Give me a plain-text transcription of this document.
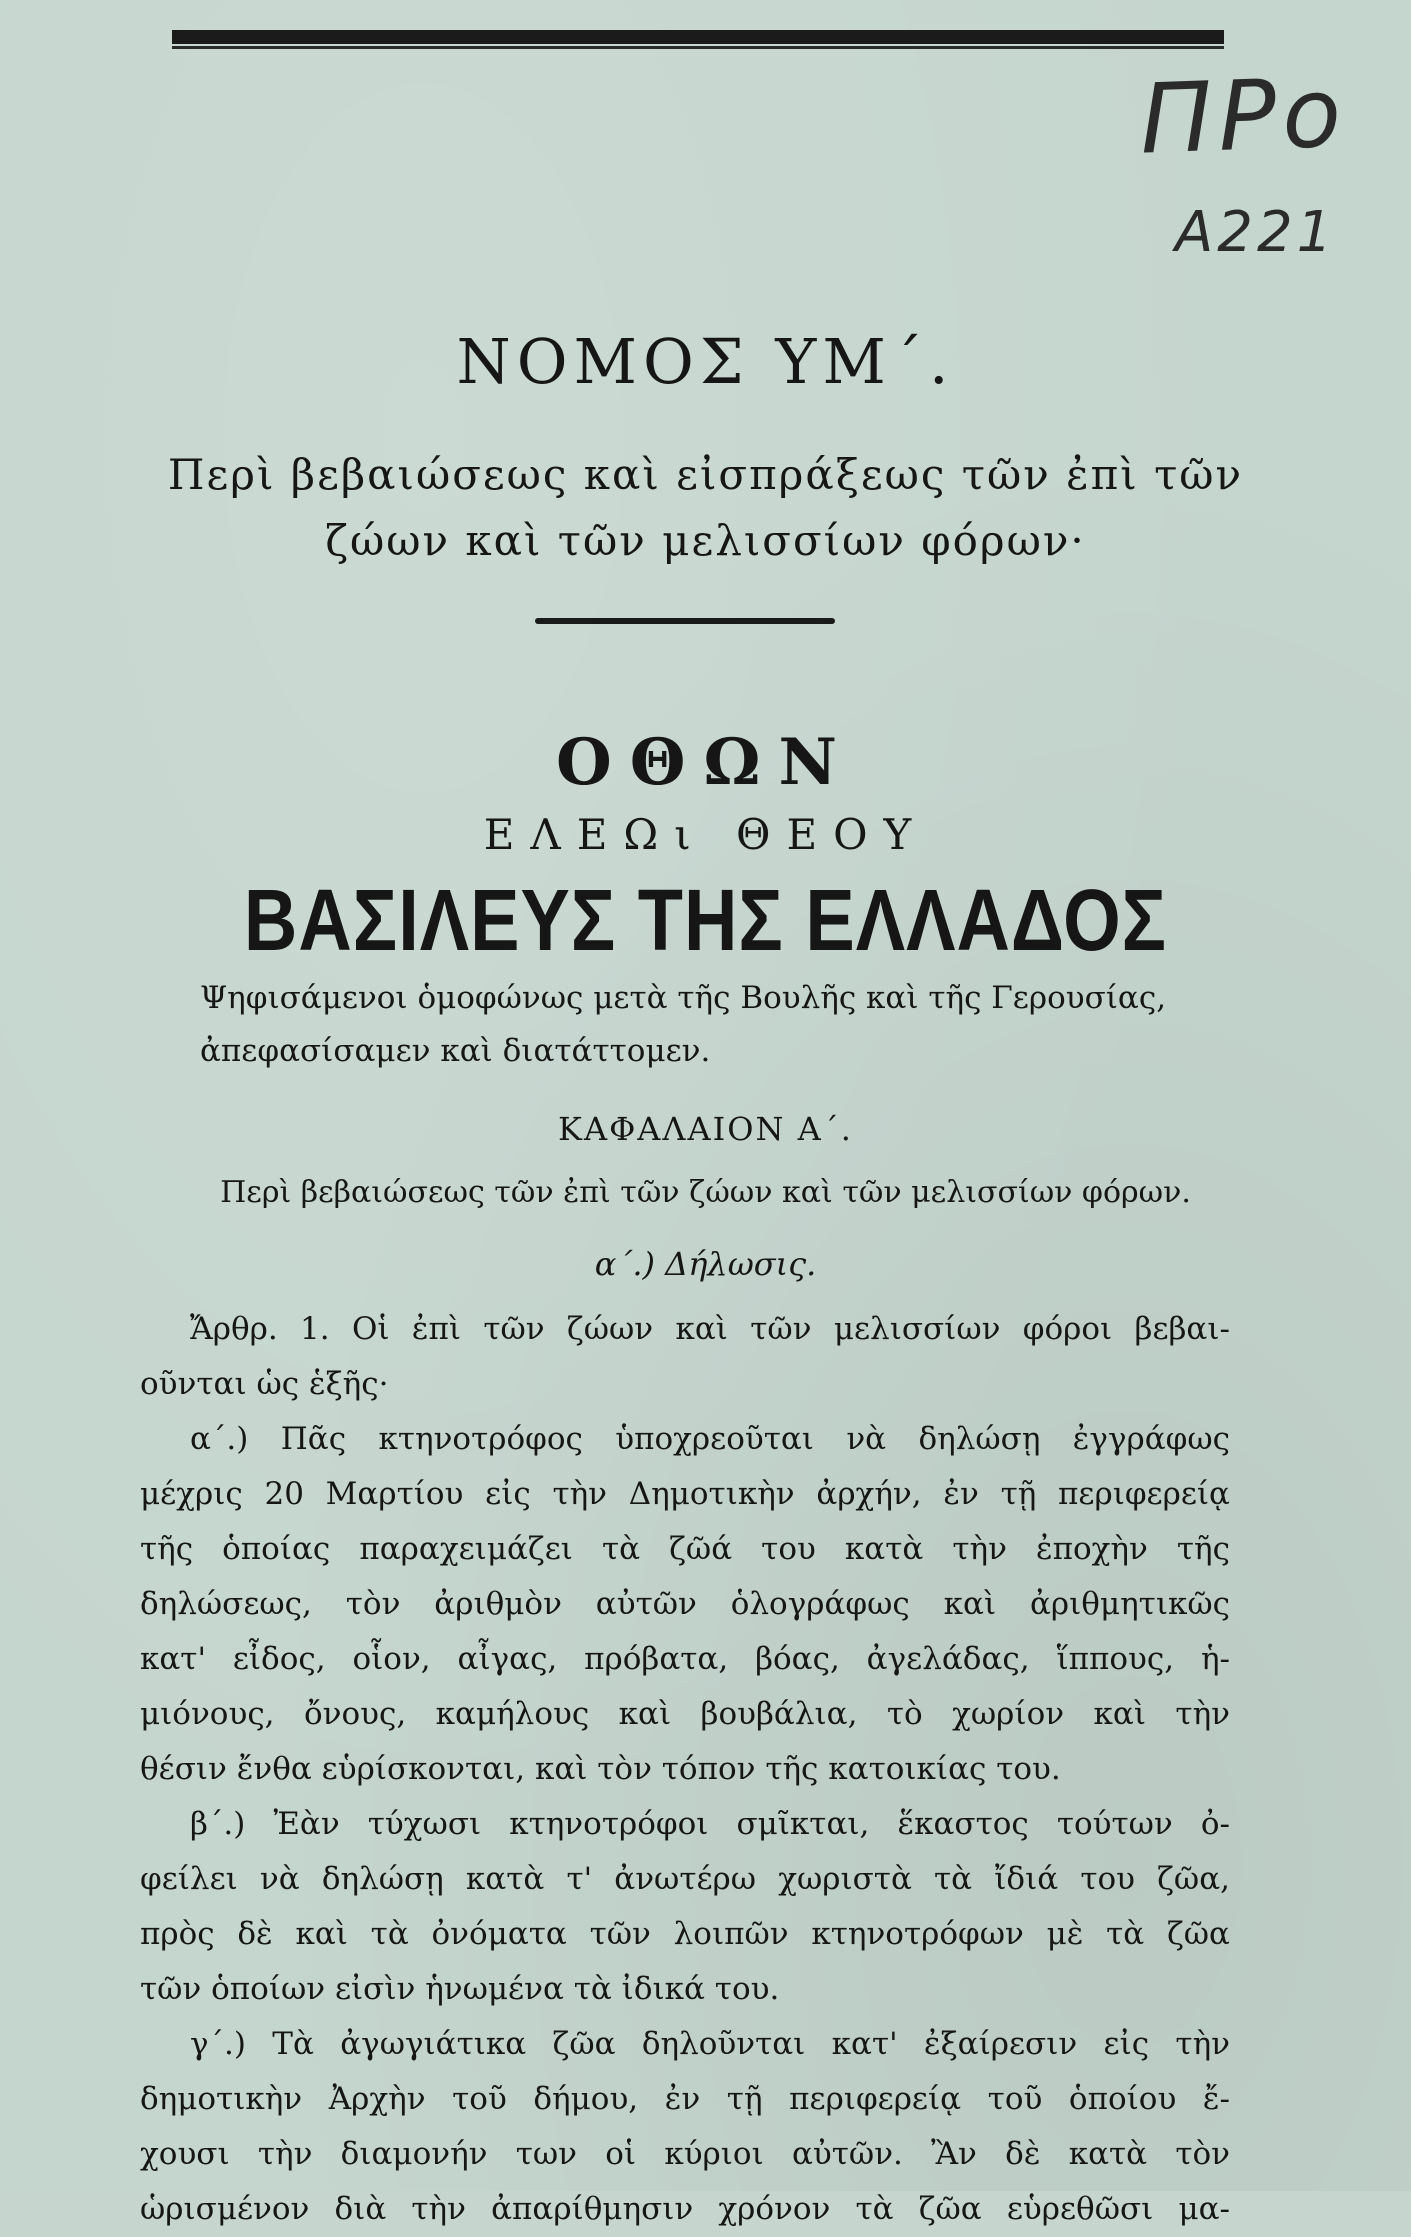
ΠΡο
A221
ΝΟΜΟΣ ΥΜ΄.
Περὶ βεβαιώσεως καὶ εἰσπράξεως τῶν ἐπὶ τῶν
ζώων καὶ τῶν μελισσίων φόρων·
ΟΘΩΝ
ΕΛΕΩι ΘΕΟΥ
ΒΑΣΙΛΕΥΣ ΤΗΣ ΕΛΛΑΔΟΣ
Ψηφισάμενοι ὁμοφώνως μετὰ τῆς Βουλῆς καὶ τῆς Γερουσίας,
ἀπεφασίσαμεν καὶ διατάττομεν.
ΚΑΦΑΛΑΙΟΝ Α΄.
Περὶ βεβαιώσεως τῶν ἐπὶ τῶν ζώων καὶ τῶν μελισσίων φόρων.
α΄.) Δήλωσις.
Ἄρθρ. 1. Οἱ ἐπὶ τῶν ζώων καὶ τῶν μελισσίων φόροι βεβαι-
οῦνται ὡς ἑξῆς·
α΄.) Πᾶς κτηνοτρόφος ὑποχρεοῦται νὰ δηλώσῃ ἐγγράφως
μέχρις 20 Μαρτίου εἰς τὴν Δημοτικὴν ἀρχήν, ἐν τῇ περιφερείᾳ
τῆς ὁποίας παραχειμάζει τὰ ζῶά του κατὰ τὴν ἐποχὴν τῆς
δηλώσεως, τὸν ἀριθμὸν αὐτῶν ὁλογράφως καὶ ἀριθμητικῶς
κατ' εἶδος, οἷον, αἶγας, πρόβατα, βόας, ἀγελάδας, ἵππους, ἡ-
μιόνους, ὄνους, καμήλους καὶ βουβάλια, τὸ χωρίον καὶ τὴν
θέσιν ἔνθα εὑρίσκονται, καὶ τὸν τόπον τῆς κατοικίας του.
β΄.) Ἐὰν τύχωσι κτηνοτρόφοι σμῖκται, ἕκαστος τούτων ὀ-
φείλει νὰ δηλώσῃ κατὰ τ' ἀνωτέρω χωριστὰ τὰ ἴδιά του ζῶα,
πρὸς δὲ καὶ τὰ ὀνόματα τῶν λοιπῶν κτηνοτρόφων μὲ τὰ ζῶα
τῶν ὁποίων εἰσὶν ἡνωμένα τὰ ἰδικά του.
γ΄.) Τὰ ἀγωγιάτικα ζῶα δηλοῦνται κατ' ἐξαίρεσιν εἰς τὴν
δημοτικὴν Ἀρχὴν τοῦ δήμου, ἐν τῇ περιφερείᾳ τοῦ ὁποίου ἔ-
χουσι τὴν διαμονήν των οἱ κύριοι αὐτῶν. Ἂν δὲ κατὰ τὸν
ὡρισμένον διὰ τὴν ἀπαρίθμησιν χρόνον τὰ ζῶα εὑρεθῶσι μα-
